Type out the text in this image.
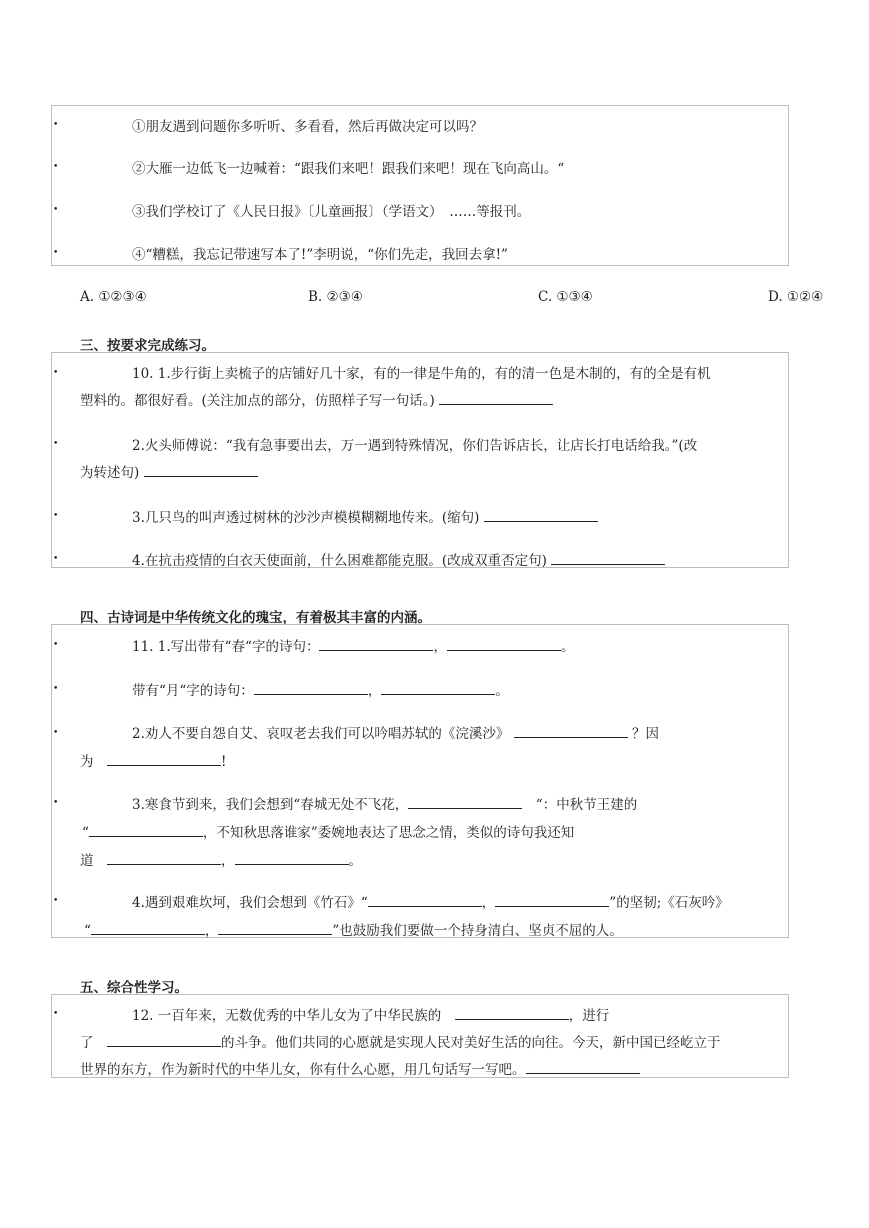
•	①朋友遇到问题你多听听、多看看，然后再做决定可以吗？
•	②大雁一边低飞一边喊着：“跟我们来吧！跟我们来吧！现在飞向高山。“
•	③我们学校订了《人民日报》〔儿童画报〕（学语文）　……等报刊。
•	④“糟糕，我忘记带速写本了!”李明说，“你们先走，我回去拿!”
A. ①②③④	B. ②③④	C. ①③④	D. ①②④
三、按要求完成练习。
•	10. 1.步行街上卖梳子的店铺好几十家，有的一律是牛角的，有的清一色是木制的，有的全是有机
塑料的。都很好看。(关注加点的部分，仿照样子写一句话。)
•	2.火头师傅说：“我有急事要出去，万一遇到特殊情况，你们告诉店长，让店长打电话给我。”(改
为转述句)
•	3.几只鸟的叫声透过树林的沙沙声模模糊糊地传来。(缩句)
•	4.在抗击疫情的白衣天使面前，什么困难都能克服。(改成双重否定句)
四、古诗词是中华传统文化的瑰宝，有着极其丰富的内涵。
•	11. 1.写出带有“春“字的诗句：	，	。
•	带有“月“字的诗句：	，	。
•	2.劝人不要自怨自艾、哀叹老去我们可以吟唱苏轼的《浣溪沙》	？因
为　	!
•	3.寒食节到来，我们会想到“春城无处不飞花，　	“：中秋节王建的
“	，不知秋思落谁家”委婉地表达了思念之情，类似的诗句我还知
道　	，	。
•	4.遇到艰难坎坷，我们会想到《竹石》“	，	”的坚韧;《石灰吟》
“	，	”也鼓励我们要做一个持身清白、坚贞不屈的人。
五、综合性学习。
•	12. 一百年来，无数优秀的中华儿女为了中华民族的　	，进行
了　	的斗争。他们共同的心愿就是实现人民对美好生活的向往。今天，新中国已经屹立于
世界的东方，作为新时代的中华儿女，你有什么心愿，用几句话写一写吧。
